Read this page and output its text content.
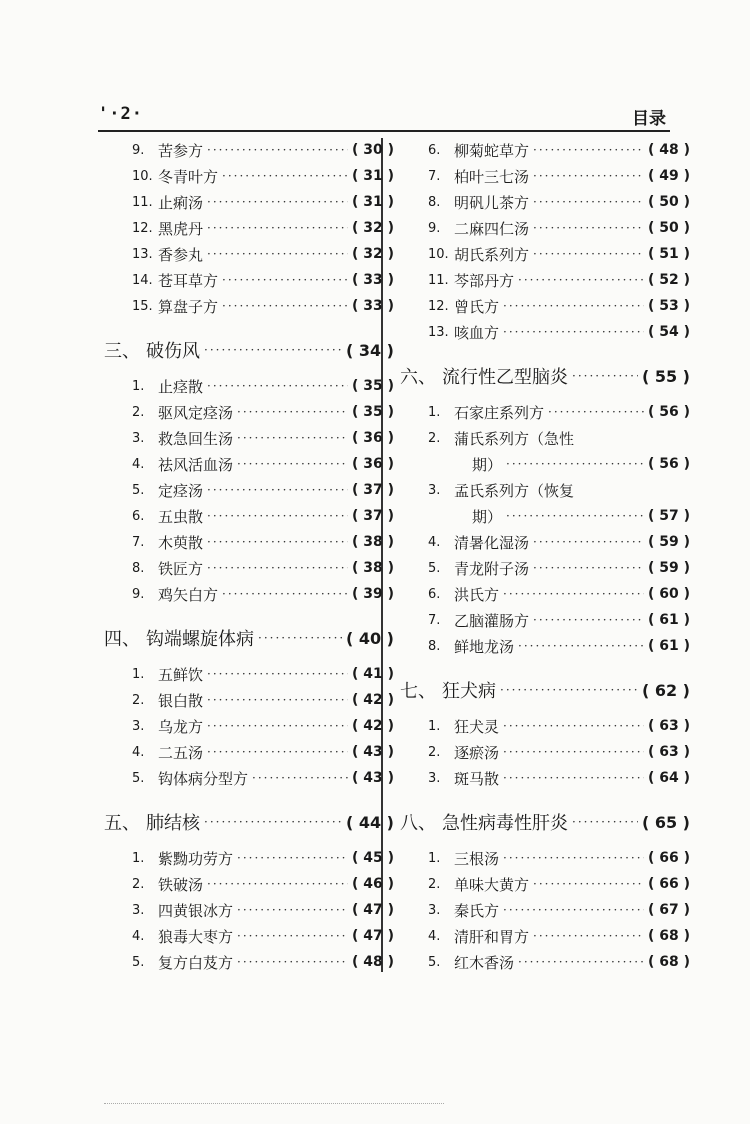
'·2·	目录
9. 苦参方 ·····	( 30 )
10. 冬青叶方 ·····	( 31 )
11. 止痢汤 ·····	( 31 )
12. 黑虎丹 ·····	( 32 )
13. 香参丸 ·····	( 32 )
14. 苍耳草方 ·····	( 33 )
15. 算盘子方 ·····	( 33 )
三、 破伤风 ·····	( 34 )
1. 止痉散 ·····	( 35 )
2. 驱风定痉汤 ·····	( 35 )
3. 救急回生汤 ·····	( 36 )
4. 祛风活血汤 ·····	( 36 )
5. 定痉汤 ·····	( 37 )
6. 五虫散 ·····	( 37 )
7. 木萸散 ·····	( 38 )
8. 铁匠方 ·····	( 38 )
9. 鸡矢白方 ·····	( 39 )
四、 钩端螺旋体病 ·····	( 40 )
1. 五鲜饮 ·····	( 41 )
2. 银白散 ·····	( 42 )
3. 乌龙方 ·····	( 42 )
4. 二五汤 ·····	( 43 )
5. 钩体病分型方 ·····	( 43 )
五、 肺结核 ·····	( 44 )
1. 紫黝功劳方 ·····	( 45 )
2. 铁破汤 ·····	( 46 )
3. 四黄银冰方 ·····	( 47 )
4. 狼毒大枣方 ·····	( 47 )
5. 复方白芨方 ·····	( 48 )
6. 柳菊蛇草方 ·····	( 48 )
7. 柏叶三七汤 ·····	( 49 )
8. 明矾儿茶方 ·····	( 50 )
9. 二麻四仁汤 ·····	( 50 )
10. 胡氏系列方 ·····	( 51 )
11. 芩部丹方 ·····	( 52 )
12. 曾氏方 ·····	( 53 )
13. 咳血方 ·····	( 54 )
六、 流行性乙型脑炎 ·····	( 55 )
1. 石家庄系列方 ·····	( 56 )
2. 蒲氏系列方（急性
期） ·····	( 56 )
3. 孟氏系列方（恢复
期） ·····	( 57 )
4. 清暑化湿汤 ·····	( 59 )
5. 青龙附子汤 ·····	( 59 )
6. 洪氏方 ·····	( 60 )
7. 乙脑灌肠方 ·····	( 61 )
8. 鲜地龙汤 ·····	( 61 )
七、 狂犬病 ·····	( 62 )
1. 狂犬灵 ·····	( 63 )
2. 逐瘀汤 ·····	( 63 )
3. 斑马散 ·····	( 64 )
八、 急性病毒性肝炎 ·····	( 65 )
1. 三根汤 ·····	( 66 )
2. 单味大黄方 ·····	( 66 )
3. 秦氏方 ·····	( 67 )
4. 清肝和胃方 ·····	( 68 )
5. 红木香汤 ·····	( 68 )
